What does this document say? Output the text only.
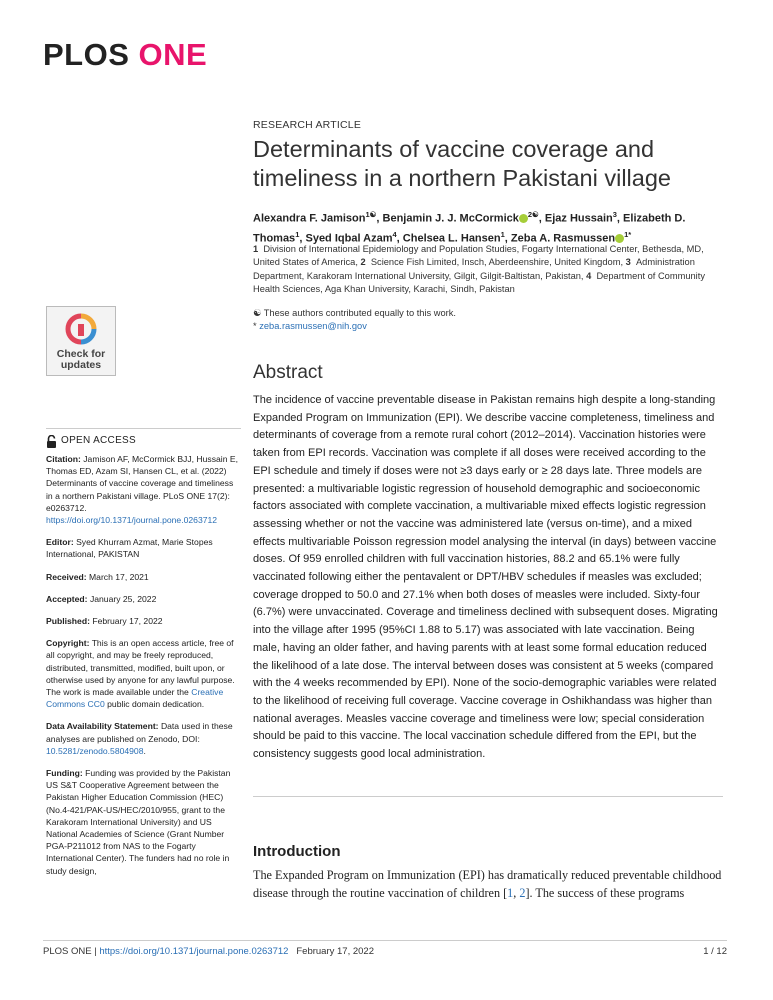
PLOS ONE
RESEARCH ARTICLE
Determinants of vaccine coverage and timeliness in a northern Pakistani village
Alexandra F. Jamison$^{1☯}$, Benjamin J. J. McCormick $^{2☯}$, Ejaz Hussain$^3$, Elizabeth D. Thomas$^1$, Syed Iqbal Azam$^4$, Chelsea L. Hansen$^1$, Zeba A. Rasmussen $^{1*}$
1 Division of International Epidemiology and Population Studies, Fogarty International Center, Bethesda, MD, United States of America, 2 Science Fish Limited, Insch, Aberdeenshire, United Kingdom, 3 Administration Department, Karakoram International University, Gilgit, Gilgit-Baltistan, Pakistan, 4 Department of Community Health Sciences, Aga Khan University, Karachi, Sindh, Pakistan
☯ These authors contributed equally to this work.
* zeba.rasmussen@nih.gov
Check for
updates	Abstract

The incidence of vaccine preventable disease in Pakistan remains high despite a long-standing Expanded Program on Immunization (EPI). We describe vaccine completeness, timeliness and determinants of coverage from a remote rural cohort (2012–2014). Vaccination histories were taken from EPI records. Vaccination was complete if all doses were received according to the EPI schedule and timely if doses were not ≥3 days early or ≥ 28 days late. Three models are presented: a multivariable logistic regression of household demographic and socioeconomic factors associated with complete vaccination, a multivariable mixed effects logistic regression assessing whether or not the vaccine was administered late (versus on-time), and a mixed effects multivariable Poisson regression model analysing the interval (in days) between vaccine doses. Of 959 enrolled children with full vaccination histories, 88.2 and 65.1% were fully vaccinated following either the pentavalent or DPT/HBV schedules if measles was excluded; coverage dropped to 50.0 and 27.1% when both doses of measles were included. Sixty-four (6.7%) were unvaccinated. Coverage and timeliness declined with subsequent doses. Migrating into the village after 1995 (95%CI 1.88 to 5.17) was associated with late vaccination. Being male, having an older father, and having parents with at least some formal education reduced the likelihood of a late dose. The interval between doses was consistent at 5 weeks (compared with the 4 weeks recommended by EPI). None of the socio-demographic variables were related to the likelihood of receiving full coverage. Vaccine coverage in Oshikhandass was higher than national averages. Measles vaccine coverage and timeliness were low; special consideration should be paid to this vaccine. The local vaccination schedule differed from the EPI, but the consistency suggests good local administration.

Introduction

The Expanded Program on Immunization (EPI) has dramatically reduced preventable childhood disease through the routine vaccination of children [1, 2]. The success of these programs

OPEN ACCESS

Citation: Jamison AF, McCormick BJJ, Hussain E, Thomas ED, Azam SI, Hansen CL, et al. (2022) Determinants of vaccine coverage and timeliness in a northern Pakistani village. PLoS ONE 17(2): e0263712. https://doi.org/10.1371/journal.pone.0263712

Editor: Syed Khurram Azmat, Marie Stopes International, PAKISTAN

Received: March 17, 2021

Accepted: January 25, 2022

Published: February 17, 2022

Copyright: This is an open access article, free of all copyright, and may be freely reproduced, distributed, transmitted, modified, built upon, or otherwise used by anyone for any lawful purpose. The work is made available under the Creative Commons CC0 public domain dedication.

Data Availability Statement: Data used in these analyses are published on Zenodo, DOI: 10.5281/zenodo.5804908.

Funding: Funding was provided by the Pakistan US S&T Cooperative Agreement between the Pakistan Higher Education Commission (HEC) (No.4-421/PAK-US/HEC/2010/955, grant to the Karakoram International University) and US National Academies of Science (Grant Number PGA-P211012 from NAS to the Fogarty International Center). The funders had no role in study design,

PLOS ONE | https://doi.org/10.1371/journal.pone.0263712 February 17, 2022	1 / 12
